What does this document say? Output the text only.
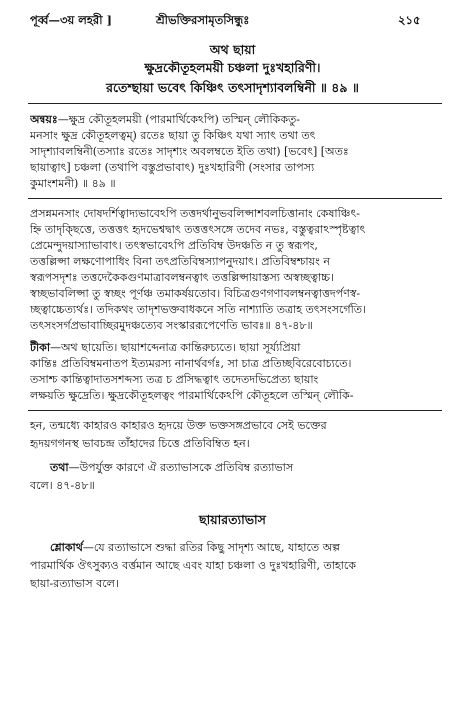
পূর্ব্ব—৩য় লহরী ]	শ্রীভক্তিরসামৃতসিন্ধুঃ	২১৫
অথ ছায়া
ক্ষুদ্রকৌতূহলময়ী চঞ্চলা দুঃখহারিণী।
রতেশ্ছায়া ভবেৎ কিঞ্চিৎ তৎসাদৃশ্যাবলম্বিনী ॥ ৪৯ ॥
অন্বয়ঃ—ক্ষুদ্র কৌতূহলময়ী (পারমার্থিকেঽপি) তস্মিন্ লৌকিকতু-
মনসাং ক্ষুদ্র কৌতূহলত্বম্) রতেঃ ছায়া তু কিঞ্চিৎ যথা স্যাৎ তথা তৎ
সাদৃশ্যাবলম্বিনী(তস্যাঃ রতেঃ সাদৃশ্যং অবলম্বতে ইতি তথা) [ভবেৎ] [অতঃ
ছায়াত্বাৎ] চঞ্চলা (তথাপি বস্তুপ্রভাবাৎ) দুঃখহারিণী (সংসার তাপস্য
কুমাংশমনী) ॥ ৪৯ ॥
প্রসন্নমনসাং দোষদর্শিত্বাদ্যভাবেঽপি তত্তদর্থানুভবলিপ্সাশবলচিত্তানাং কেষাঞ্চিৎ-
হ্নি তাদৃক্ছিত্তে, তত্তত্তৎ হৃদভেশ্বদ্বাৎ তত্তত্তৎসঙ্গে তদেব নভঃ, বস্তুত্বরাঽস্পৃষ্টত্বাৎ
প্রেমেন্দুদয়াস্যাভাবাৎ। তৎস্বভাবেঽপি প্রতিবিম্ব উদঞ্চতি ন তু স্বরূপং,
তত্তল্লিপ্সা লক্ষণোপাধিং বিনা তৎপ্রতিবিম্বস্যাপনুদয়াৎ। প্রতিবিম্বশ্চায়ং ন
স্বরূপসদৃশঃ তত্তদেকৈকগুণমাত্রাবলম্বনত্বাৎ তত্তল্লিপ্সায়াস্তস্য অস্বচ্ছত্বাচ্চ।
স্বচ্ছভাবলিপ্সা তু স্বচ্ছং পূর্ণঞ্চ তমাকর্ষয়তোব। বিচিত্রগুণগণাবলম্বনত্বাত্তদর্পণস্ব-
চ্ছত্বাচ্চেত্যর্থঃ। তদিকথং তাদৃশভক্তবাধকনে সতি নাশ্যাতি তত্রাহ তৎসংসর্গেতি।
তৎসংসর্গপ্রভাবাচ্ছিরমুদঞ্চত্যেব সংস্কাররূপেণেতি ভাবঃ॥ ৪৭-৪৮॥
টীকা—অথ ছায়েতি। ছায়াশব্দেনাত্র কান্তিরুচ্যতে। ছায়া সূর্য্যপ্রিয়া
কান্তিঃ প্রতিবিম্বমনাতপ ইত্যমরস্য নানার্থবর্গঃ, সা চাত্র প্রতিচ্ছবিরেবোচ্যতে।
তসাশ্চ কান্তিত্বাদাতসশব্দস্য তত্র চ প্রসিদ্ধত্বাৎ তদেতদভিপ্রেত্য ছায়াং
লক্ষয়তি ক্ষুদ্রেতি। ক্ষুদ্রকৌতূহলত্বং পারমার্থিকেঽপি কৌতূহলে তস্মিন্ লৌকি-
হন, তন্মধ্যে কাহারও কাহারও হৃদয়ে উক্ত ভক্তসঙ্গপ্রভাবে সেই ভক্তের
হৃদয়গগনস্থ ভাবচন্দ্র তাঁহাদের চিত্তে প্রতিবিম্বিত হন।
তথা—উপর্যুক্ত কারণে ঐ রত্যাভাসকে প্রতিবিম্ব রত্যাভাস
বলে। ৪৭-৪৮॥
ছায়ারত্যাভাস
শ্লোকার্থ—যে রত্যাভাসে শুদ্ধা রতির কিছু সাদৃশ্য আছে, যাহাতে অল্প
পারমার্থিক ঔৎসুক্যও বর্ত্তমান আছে এবং যাহা চঞ্চলা ও দুঃখহারিণী, তাহাকে
ছায়া-রত্যাভাস বলে।
